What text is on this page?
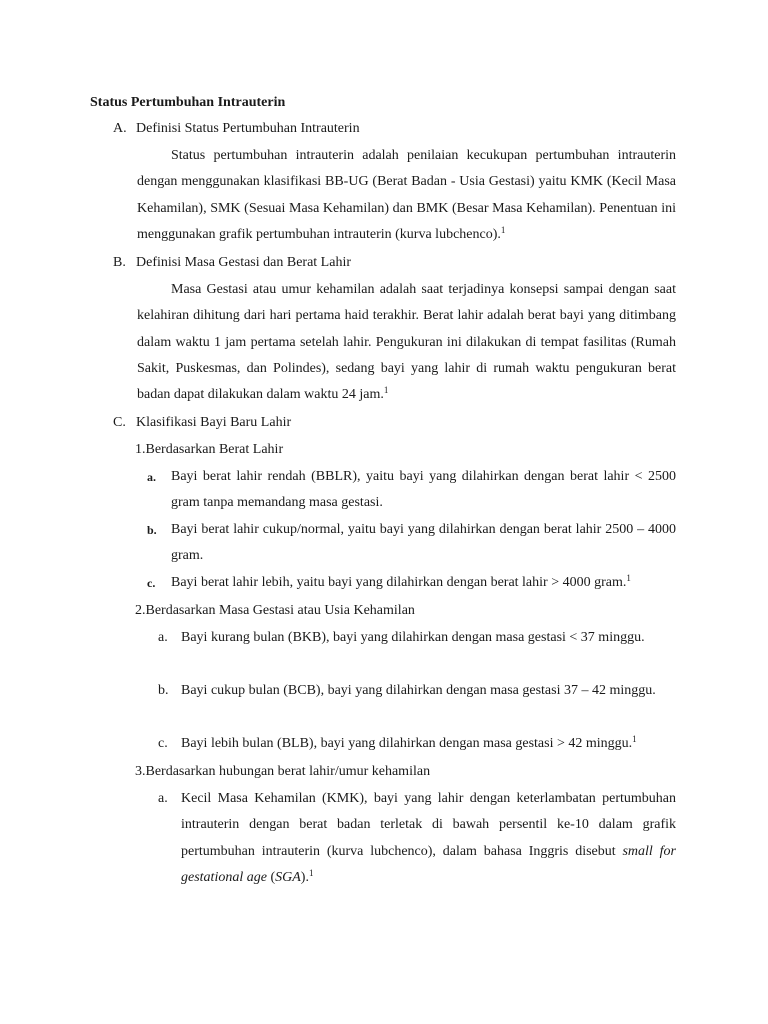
Status Pertumbuhan Intrauterin
A. Definisi Status Pertumbuhan Intrauterin
Status pertumbuhan intrauterin adalah penilaian kecukupan pertumbuhan intrauterin dengan menggunakan klasifikasi BB-UG (Berat Badan - Usia Gestasi) yaitu KMK (Kecil Masa Kehamilan), SMK (Sesuai Masa Kehamilan) dan BMK (Besar Masa Kehamilan). Penentuan ini menggunakan grafik pertumbuhan intrauterin (kurva lubchenco).$^1$
B. Definisi Masa Gestasi dan Berat Lahir
Masa Gestasi atau umur kehamilan adalah saat terjadinya konsepsi sampai dengan saat kelahiran dihitung dari hari pertama haid terakhir. Berat lahir adalah berat bayi yang ditimbang dalam waktu 1 jam pertama setelah lahir. Pengukuran ini dilakukan di tempat fasilitas (Rumah Sakit, Puskesmas, dan Polindes), sedang bayi yang lahir di rumah waktu pengukuran berat badan dapat dilakukan dalam waktu 24 jam.$^1$
C. Klasifikasi Bayi Baru Lahir
1.Berdasarkan Berat Lahir
a. Bayi berat lahir rendah (BBLR), yaitu bayi yang dilahirkan dengan berat lahir < 2500 gram tanpa memandang masa gestasi.
b. Bayi berat lahir cukup/normal, yaitu bayi yang dilahirkan dengan berat lahir 2500 – 4000 gram.
c. Bayi berat lahir lebih, yaitu bayi yang dilahirkan dengan berat lahir > 4000 gram.$^1$
2.Berdasarkan Masa Gestasi atau Usia Kehamilan
a. Bayi kurang bulan (BKB), bayi yang dilahirkan dengan masa gestasi < 37 minggu.
b. Bayi cukup bulan (BCB), bayi yang dilahirkan dengan masa gestasi 37 – 42 minggu.
c. Bayi lebih bulan (BLB), bayi yang dilahirkan dengan masa gestasi > 42 minggu.$^1$
3.Berdasarkan hubungan berat lahir/umur kehamilan
a. Kecil Masa Kehamilan (KMK), bayi yang lahir dengan keterlambatan pertumbuhan intrauterin dengan berat badan terletak di bawah persentil ke-10 dalam grafik pertumbuhan intrauterin (kurva lubchenco), dalam bahasa Inggris disebut small for gestational age (SGA).$^1$
